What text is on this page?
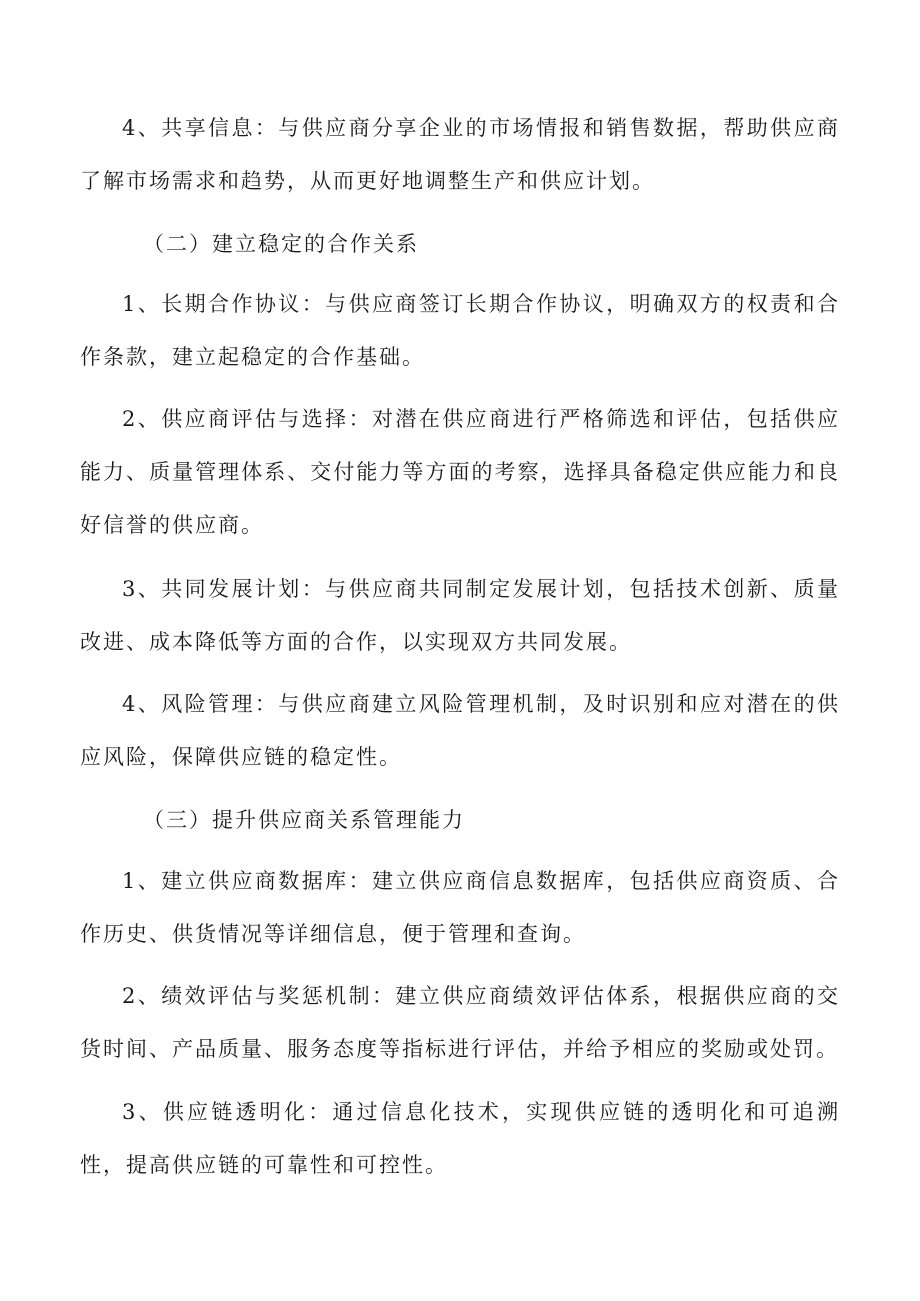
4、共享信息：与供应商分享企业的市场情报和销售数据，帮助供应商了解市场需求和趋势，从而更好地调整生产和供应计划。

（二）建立稳定的合作关系

1、长期合作协议：与供应商签订长期合作协议，明确双方的权责和合作条款，建立起稳定的合作基础。

2、供应商评估与选择：对潜在供应商进行严格筛选和评估，包括供应能力、质量管理体系、交付能力等方面的考察，选择具备稳定供应能力和良好信誉的供应商。

3、共同发展计划：与供应商共同制定发展计划，包括技术创新、质量改进、成本降低等方面的合作，以实现双方共同发展。

4、风险管理：与供应商建立风险管理机制，及时识别和应对潜在的供应风险，保障供应链的稳定性。

（三）提升供应商关系管理能力

1、建立供应商数据库：建立供应商信息数据库，包括供应商资质、合作历史、供货情况等详细信息，便于管理和查询。

2、绩效评估与奖惩机制：建立供应商绩效评估体系，根据供应商的交货时间、产品质量、服务态度等指标进行评估，并给予相应的奖励或处罚。

3、供应链透明化：通过信息化技术，实现供应链的透明化和可追溯性，提高供应链的可靠性和可控性。
